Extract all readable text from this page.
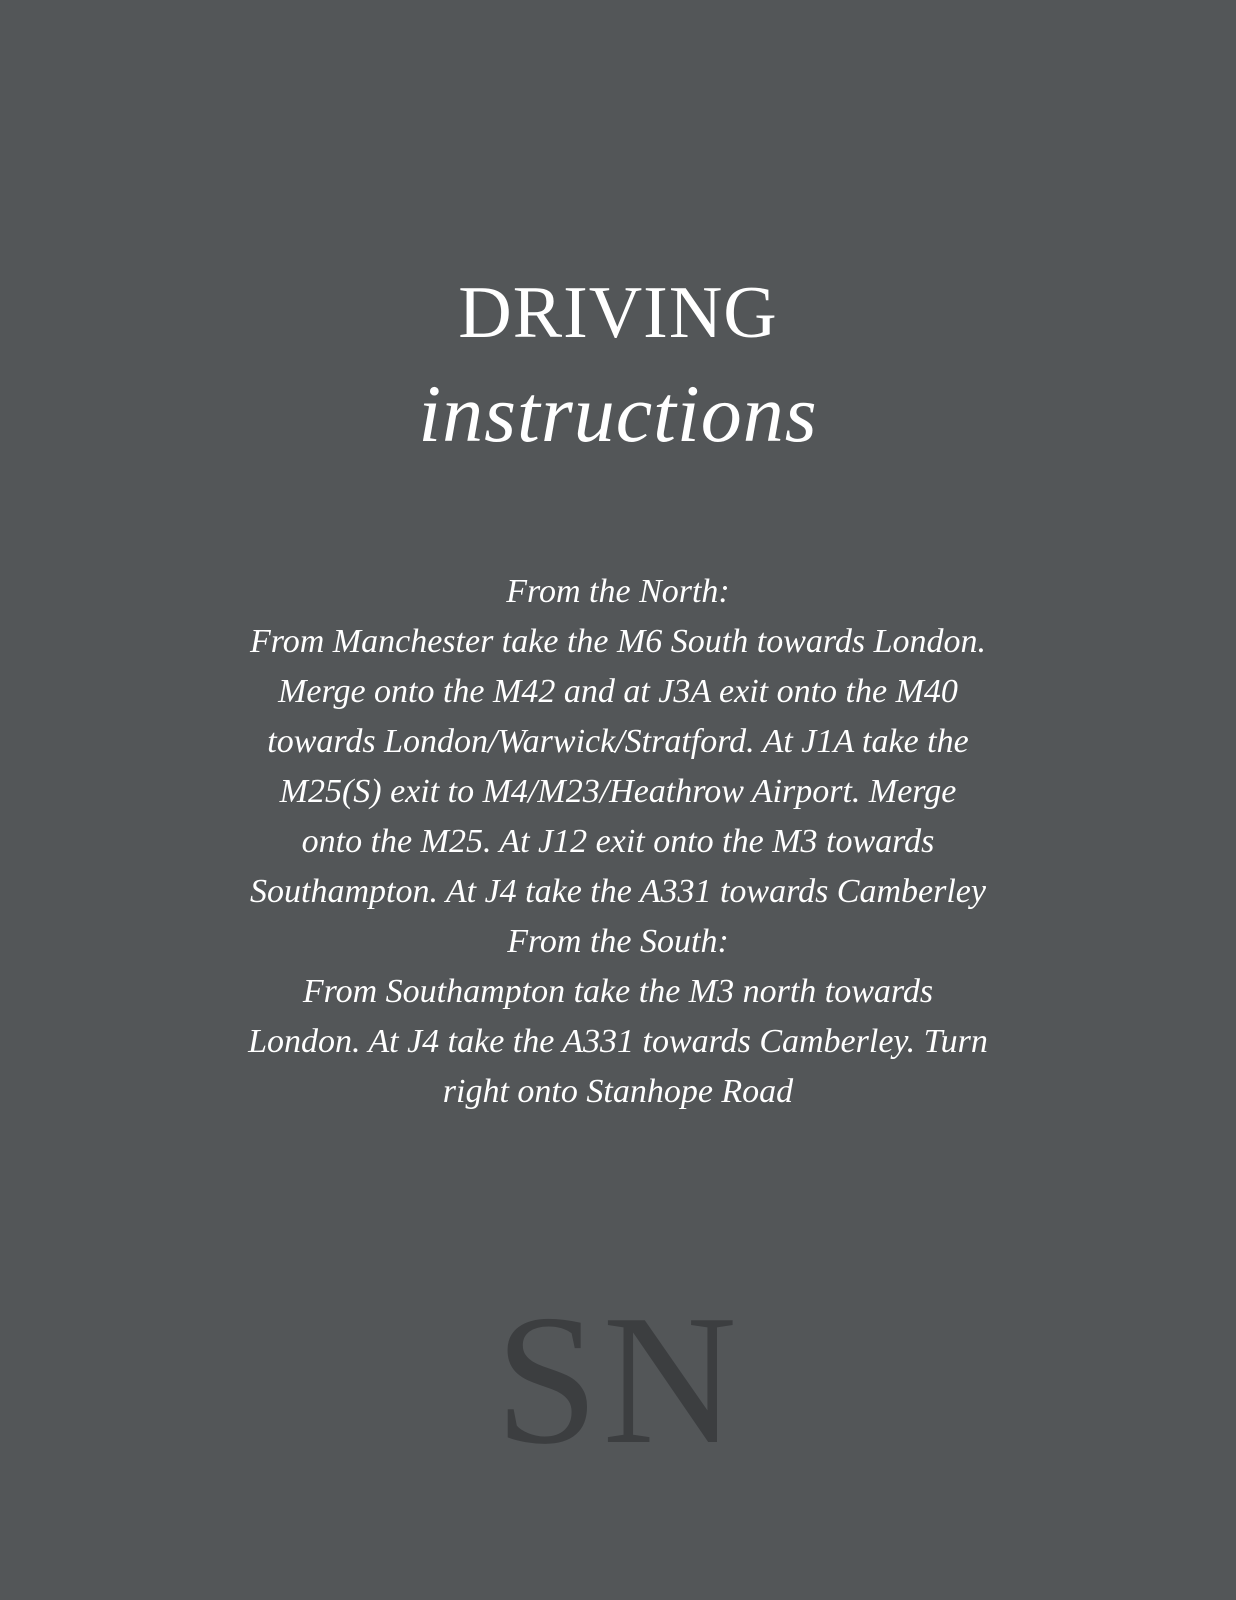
DRIVING
instructions
From the North:
From Manchester take the M6 South towards London. Merge onto the M42 and at J3A exit onto the M40 towards London/Warwick/Stratford. At J1A take the M25(S) exit to M4/M23/Heathrow Airport. Merge onto the M25. At J12 exit onto the M3 towards Southampton. At J4 take the A331 towards Camberley
From the South:
From Southampton take the M3 north towards London. At J4 take the A331 towards Camberley. Turn right onto Stanhope Road
SN
